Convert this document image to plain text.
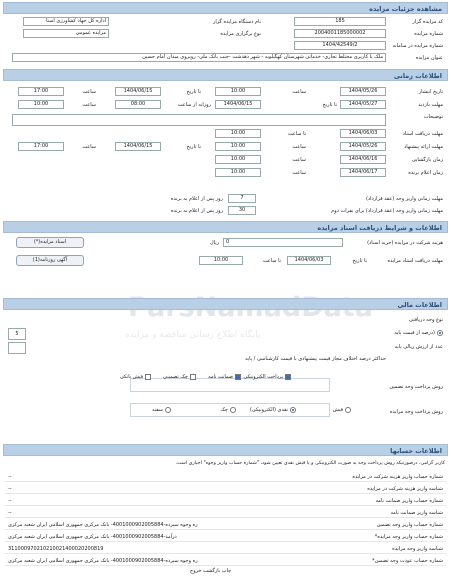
پایگاه اطلاع رسانی مناقصه و مزایده
مشاهده جزئیات مزایده
کد مزایده گزار
185
نام دستگاه مزایده گزار
اداره کل جهاد کشاورزی استا
شماره مزایده
2004001185000002
نوع برگزاری مزایده
مزایده عمومی
شماره مزایده در سامانه
1404/42549/2
عنوان مزایده
ملک یا کاربری مختلط تجاری- خدماتی شهرستان کهگیلویه - شهر دهدشت -جنب بانک ملی- روبروی میدان امام حسین
اطلاعات زمانی
تاریخ انتشار
1404/05/26
ساعت
10:00
تا تاریخ
1404/06/15
ساعت
17:00
مهلت بازدید
1404/05/27
تا تاریخ
1404/06/15
روزانه از ساعت
08:00
ساعت
10:00
توضیحات
مهلت دریافت اسناد
1404/06/03
تا ساعت
10:00
مهلت ارائه پیشنهاد
1404/05/26
ساعت
10:00
تا تاریخ
1404/06/15
ساعت
17:00
زمان بازگشایی
1404/06/16
ساعت
10:00
زمان اعلام برنده
1404/06/17
ساعت
10:00
مهلت زمانی واریز وجه (عقد قرارداد)
7
روز پس از اعلام به برنده
مهلت زمانی واریز وجه (عقد قرارداد) برای نفرات دوم
30
روز پس از اعلام به برنده
اطلاعات و شرایط دریافت اسناد مزایده
هزینه شرکت در مزایده (خرید اسناد)
0
ریال
مهلت دریافت اسناد مزایده
تا تاریخ
1404/06/03
تا ساعت
10:00
اسناد مزایده(*)
آگهی روزنامه(1)
اطلاعات مالی
نوع وجه دریافتی
(درصد از قیمت پایه
5
عدد از ارزش ریالی پایه
حداکثر درصد اختلاف مجاز قیمت پیشنهادی با قیمت کارشناسی / پایه
روش پرداخت وجه تضمین
پرداخت الکترونیکی
ضمانت نامه
چک تضمینی
فیش بانکی
روش پرداخت وجه مزایده
نقدی (الکترونیکی)
چک	فیش
سفته
اطلاعات حسابها
کاربر گرامی، درصورتیکه روش پرداخت وجه به صورت الکترونیکی و یا فیش نقدی تعیین شود، "شماره حساب واریز وجوه" اجباری است.
شماره حساب واریز هزینه شرکت در مزایده
--
شناسه واریز هزینه شرکت در مزایده
--
شماره حساب واریز ضمانت نامه
--
شناسه واریز ضمانت نامه
--
شماره حساب واریز وجه تضمین
ره وجوه سپرده-4001000902005884- بانک مرکزی جمهوری اسلامی ایران شعبه مرکزی
شماره حساب واریز وجه مزایده*
درآمد-4001000902005884- بانک مرکزی جمهوری اسلامی ایران شعبه مرکزی
شناسه واریز وجه مزایده
311000970210210021400020200819
شماره حساب عودت وجه تضمین*
ره وجوه سپرده-4001000902005884- بانک مرکزی جمهوری اسلامی ایران شعبه مرکزی
چاپ بازگشت خروج
